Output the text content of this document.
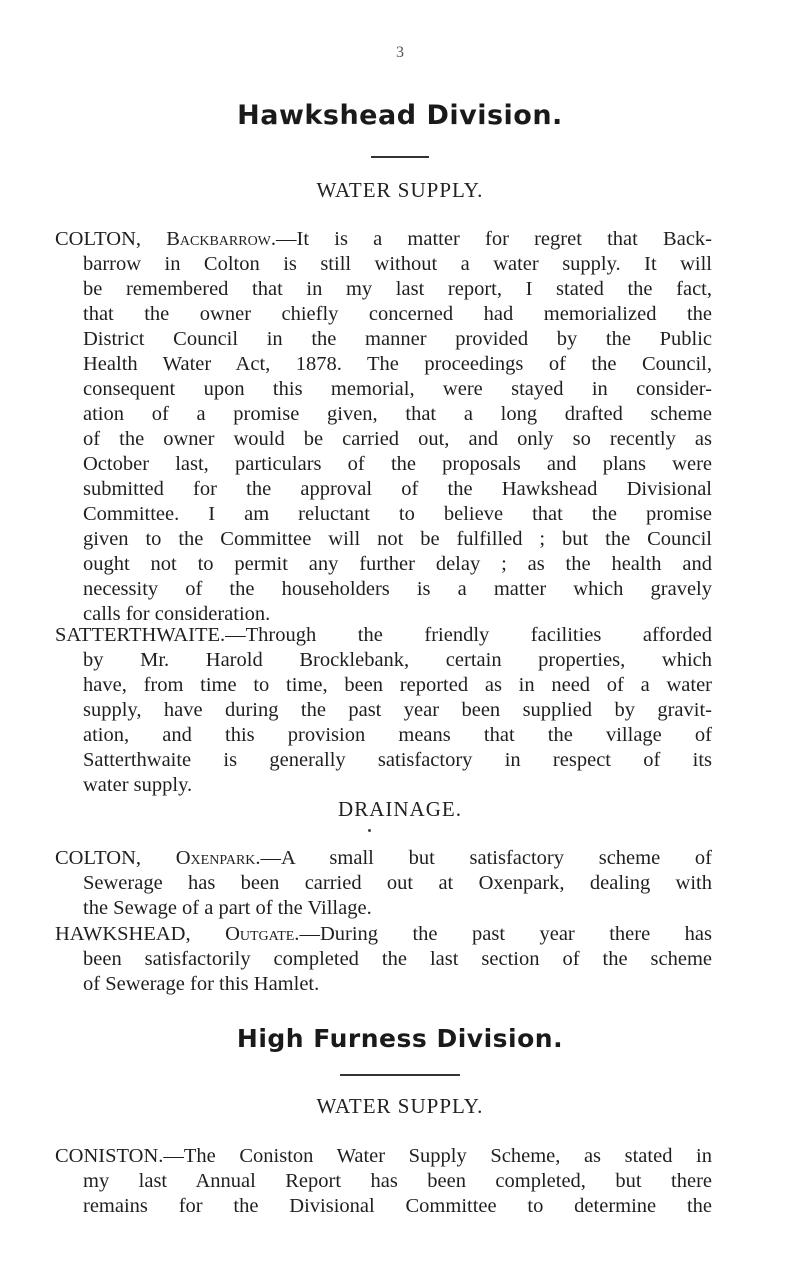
3
Hawkshead Division.
WATER SUPPLY.
COLTON, Backbarrow.—It is a matter for regret that Back-
barrow in Colton is still without a water supply. It will
be remembered that in my last report, I stated the fact,
that the owner chiefly concerned had memorialized the
District Council in the manner provided by the Public
Health Water Act, 1878. The proceedings of the Council,
consequent upon this memorial, were stayed in consider-
ation of a promise given, that a long drafted scheme
of the owner would be carried out, and only so recently as
October last, particulars of the proposals and plans were
submitted for the approval of the Hawkshead Divisional
Committee. I am reluctant to believe that the promise
given to the Committee will not be fulfilled ; but the Council
ought not to permit any further delay ; as the health and
necessity of the householders is a matter which gravely
calls for consideration.
SATTERTHWAITE.—Through the friendly facilities afforded
by Mr. Harold Brocklebank, certain properties, which
have, from time to time, been reported as in need of a water
supply, have during the past year been supplied by gravit-
ation, and this provision means that the village of
Satterthwaite is generally satisfactory in respect of its
water supply.
DRAINAGE.
COLTON, Oxenpark.—A small but satisfactory scheme of
Sewerage has been carried out at Oxenpark, dealing with
the Sewage of a part of the Village.
HAWKSHEAD, Outgate.—During the past year there has
been satisfactorily completed the last section of the scheme
of Sewerage for this Hamlet.
High Furness Division.
WATER SUPPLY.
CONISTON.—The Coniston Water Supply Scheme, as stated in
my last Annual Report has been completed, but there
remains for the Divisional Committee to determine the
